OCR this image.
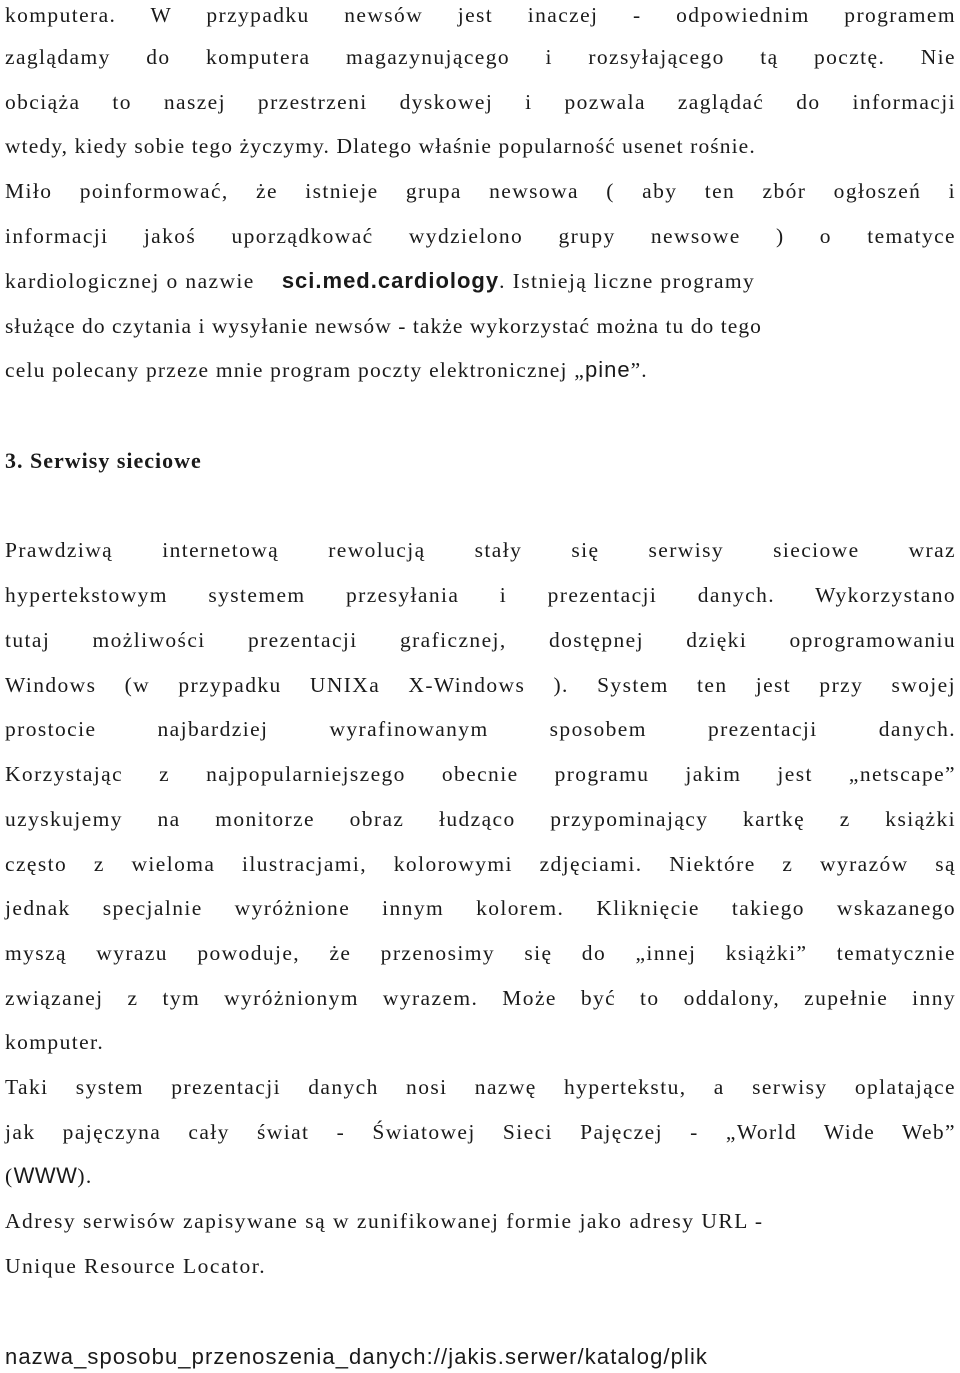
komputera. W przypadku newsów jest inaczej - odpowiednim programem
zaglądamy do komputera magazynującego i rozsyłającego tą pocztę. Nie
obciąża to naszej przestrzeni dyskowej i pozwala zaglądać do informacji
wtedy, kiedy sobie tego życzymy. Dlatego właśnie popularność usenet rośnie.
Miło poinformować, że istnieje grupa newsowa ( aby ten zbór ogłoszeń i
informacji jakoś uporządkować wydzielono grupy newsowe ) o tematyce
kardiologicznej o nazwie sci.med.cardiology. Istnieją liczne programy
służące do czytania i wysyłanie newsów - także wykorzystać można tu do tego
celu polecany przeze mnie program poczty elektronicznej „pine”.
3. Serwisy sieciowe
Prawdziwą internetową rewolucją stały się serwisy sieciowe wraz
hypertekstowym systemem przesyłania i prezentacji danych. Wykorzystano
tutaj możliwości prezentacji graficznej, dostępnej dzięki oprogramowaniu
Windows (w przypadku UNIXa X-Windows ). System ten jest przy swojej
prostocie najbardziej wyrafinowanym sposobem prezentacji danych.
Korzystając z najpopularniejszego obecnie programu jakim jest „netscape”
uzyskujemy na monitorze obraz łudząco przypominający kartkę z książki
często z wieloma ilustracjami, kolorowymi zdjęciami. Niektóre z wyrazów są
jednak specjalnie wyróżnione innym kolorem. Kliknięcie takiego wskazanego
myszą wyrazu powoduje, że przenosimy się do „innej książki” tematycznie
związanej z tym wyróżnionym wyrazem. Może być to oddalony, zupełnie inny
komputer.
Taki system prezentacji danych nosi nazwę hypertekstu, a serwisy oplatające
jak pajęczyna cały świat - Światowej Sieci Pajęczej - „World Wide Web”
(WWW).
Adresy serwisów zapisywane są w zunifikowanej formie jako adresy URL -
Unique Resource Locator.
nazwa_sposobu_przenoszenia_danych://jakis.serwer/katalog/plik
